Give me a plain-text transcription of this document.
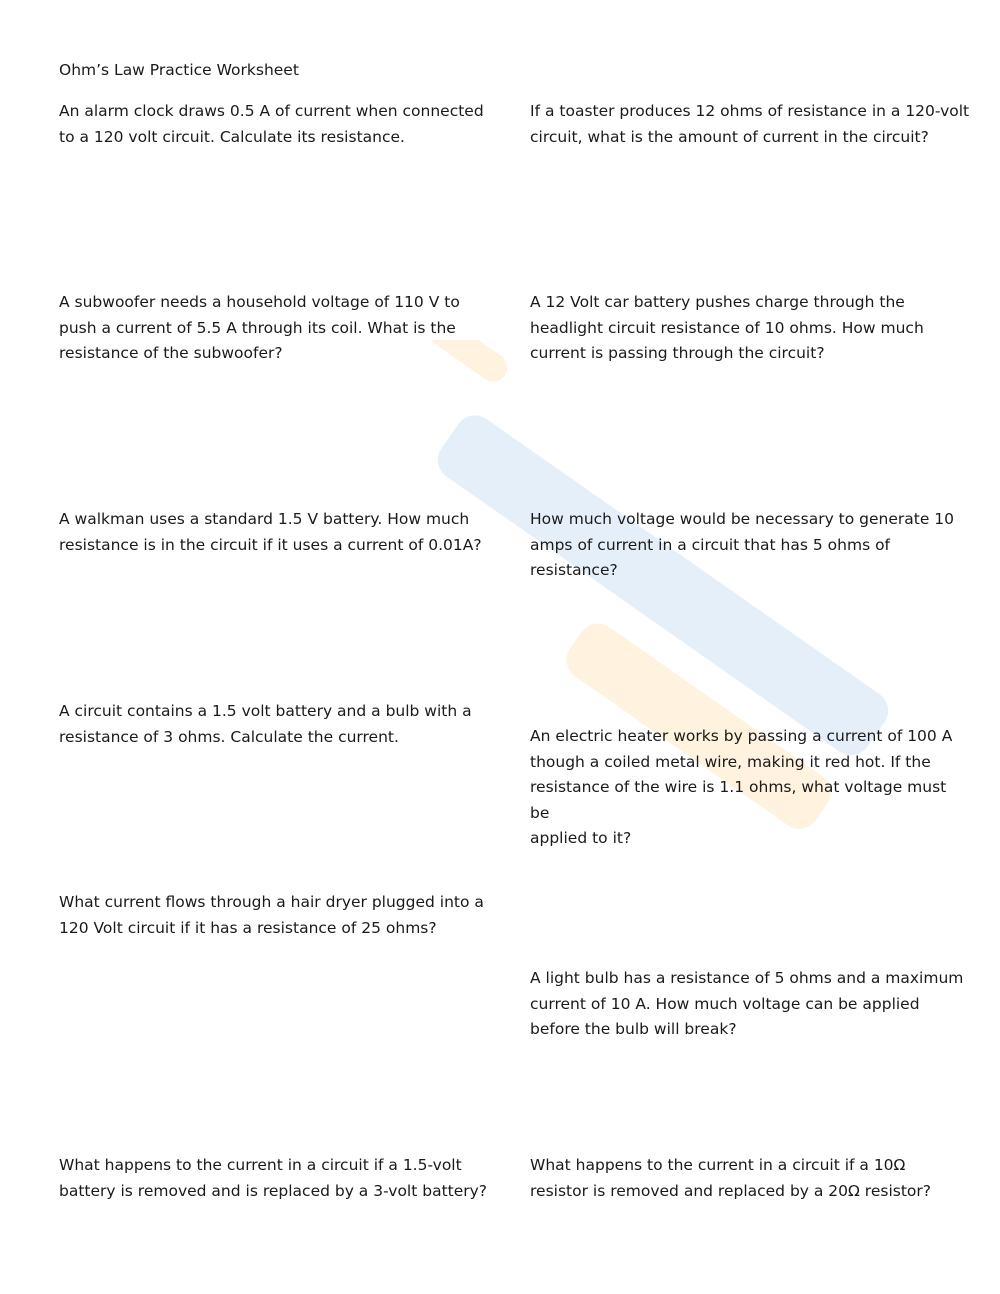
Ohm’s Law Practice Worksheet
An alarm clock draws 0.5 A of current when connected
to a 120 volt circuit. Calculate its resistance.
A subwoofer needs a household voltage of 110 V to
push a current of 5.5 A through its coil. What is the
resistance of the subwoofer?
A walkman uses a standard 1.5 V battery. How much
resistance is in the circuit if it uses a current of 0.01A?
A circuit contains a 1.5 volt battery and a bulb with a
resistance of 3 ohms. Calculate the current.
What current flows through a hair dryer plugged into a
120 Volt circuit if it has a resistance of 25 ohms?
What happens to the current in a circuit if a 1.5-volt
battery is removed and is replaced by a 3-volt battery?
If a toaster produces 12 ohms of resistance in a 120-volt
circuit, what is the amount of current in the circuit?
A 12 Volt car battery pushes charge through the
headlight circuit resistance of 10 ohms. How much
current is passing through the circuit?
How much voltage would be necessary to generate 10
amps of current in a circuit that has 5 ohms of
resistance?
An electric heater works by passing a current of 100 A
though a coiled metal wire, making it red hot. If the
resistance of the wire is 1.1 ohms, what voltage must be
applied to it?
A light bulb has a resistance of 5 ohms and a maximum
current of 10 A. How much voltage can be applied
before the bulb will break?
What happens to the current in a circuit if a 10Ω
resistor is removed and replaced by a 20Ω resistor?
